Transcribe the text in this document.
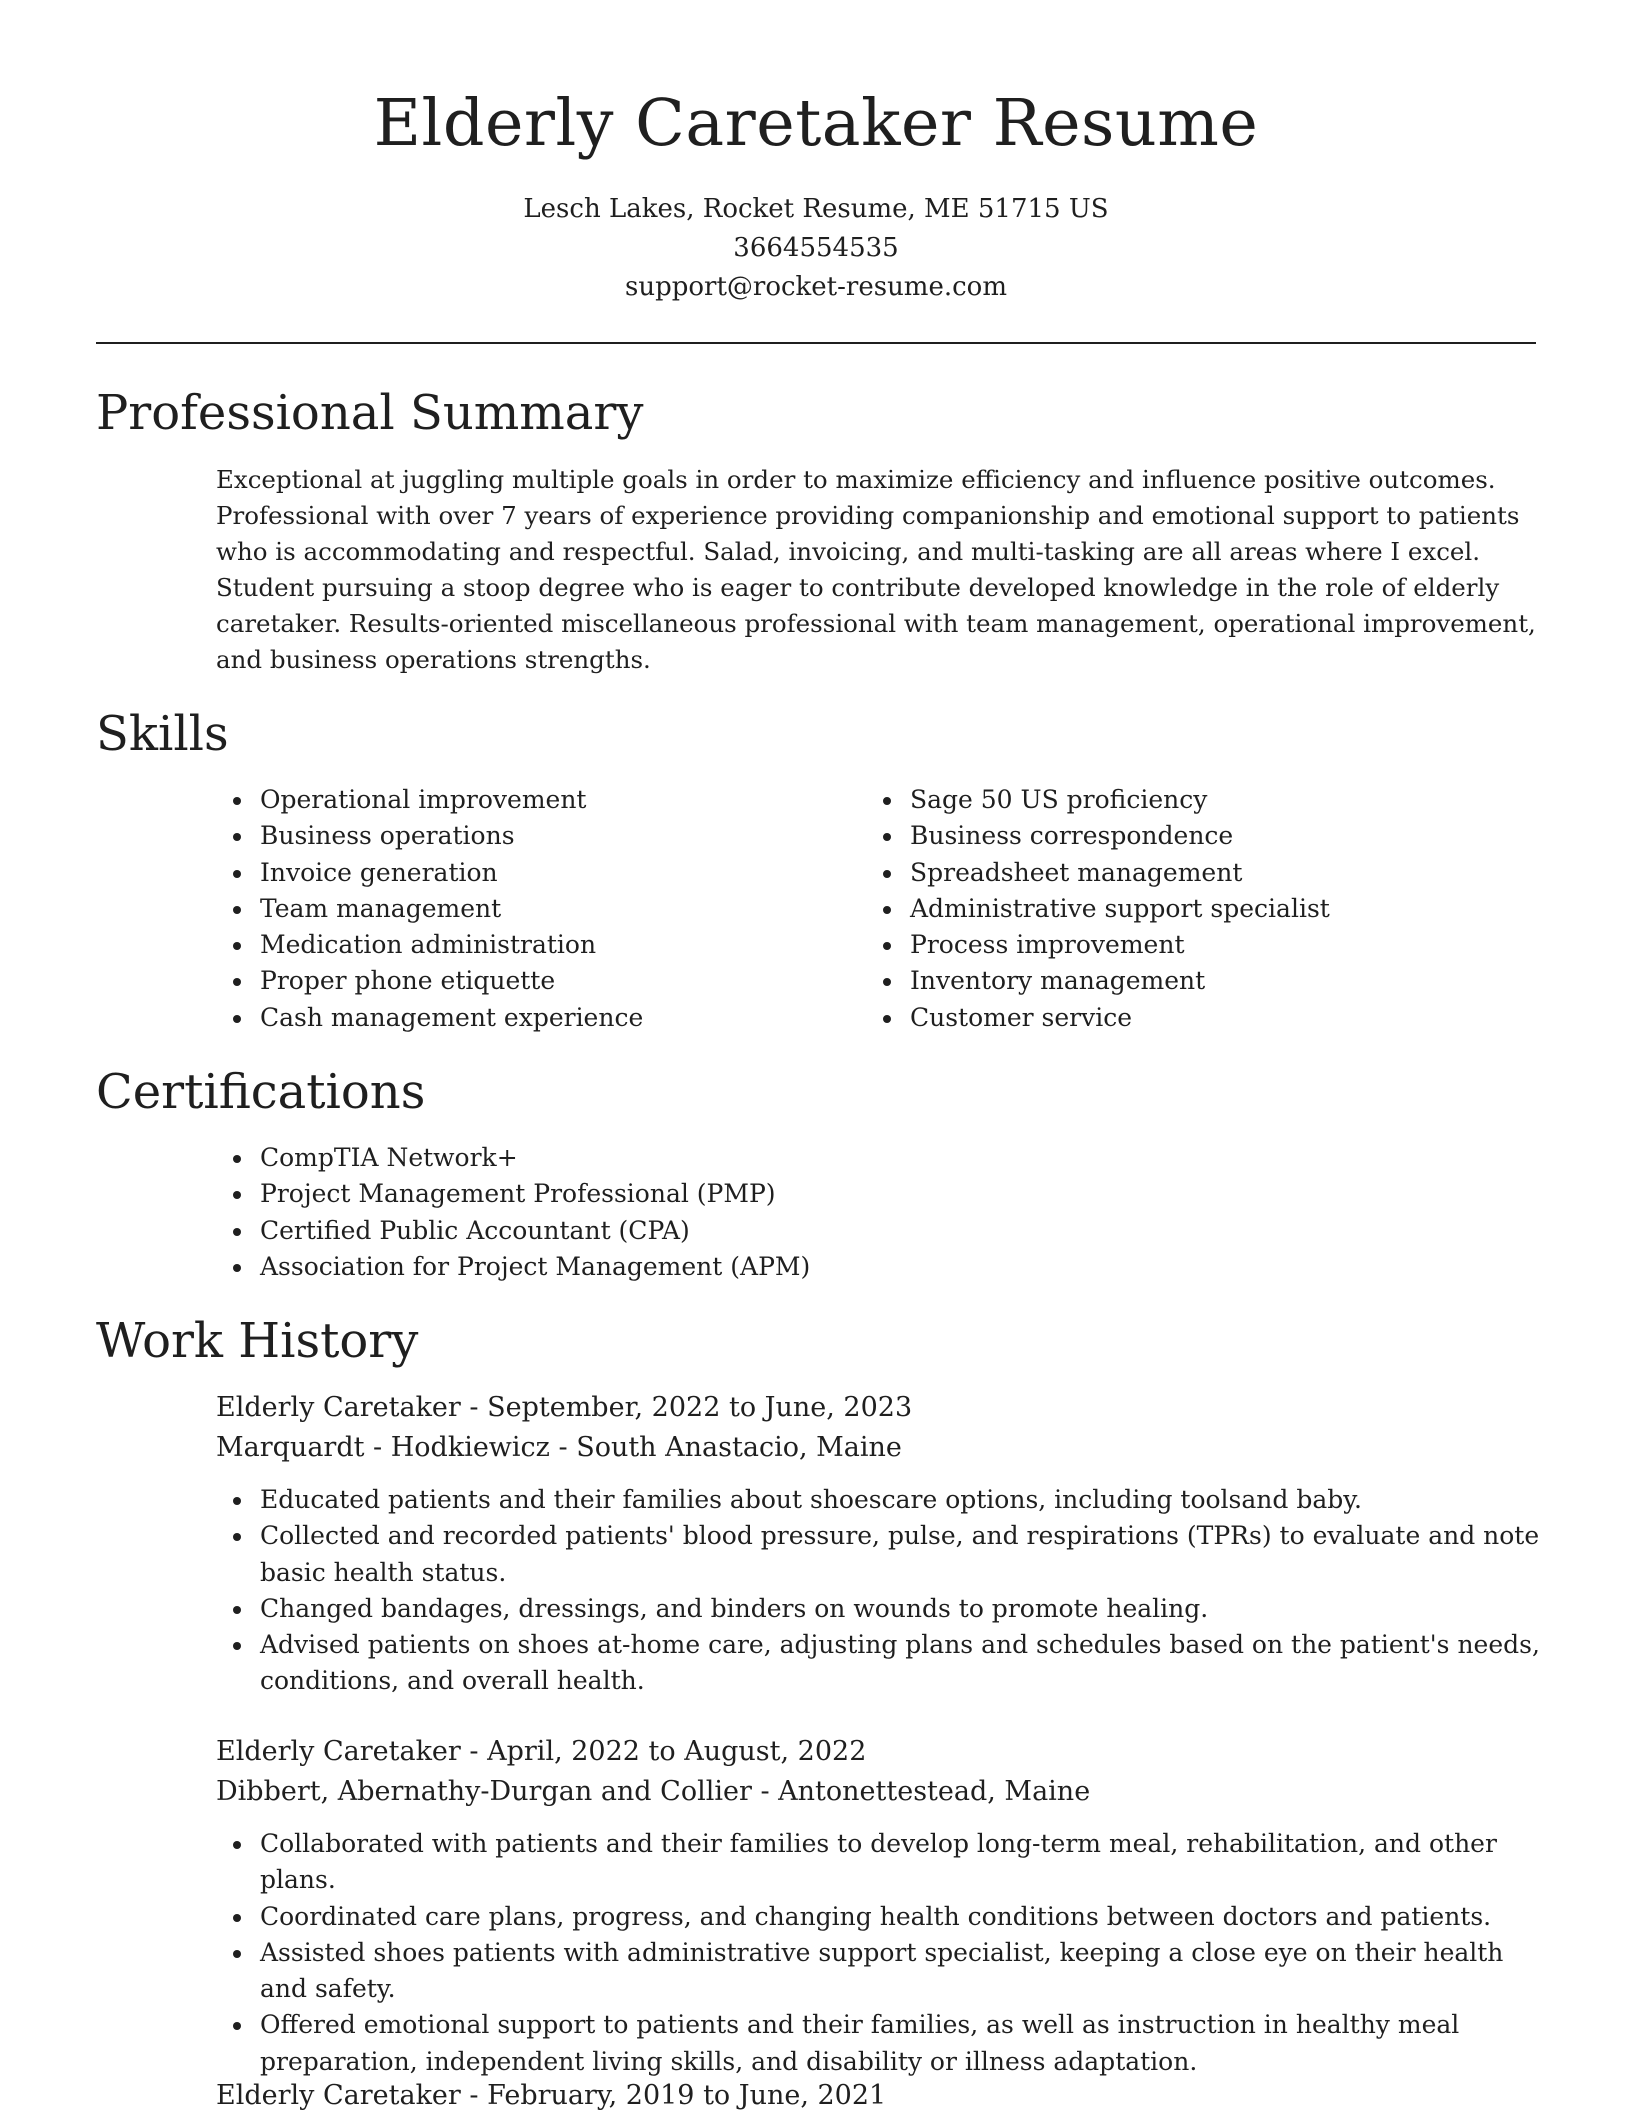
Elderly Caretaker Resume
Lesch Lakes, Rocket Resume, ME 51715 US
3664554535
support@rocket-resume.com
Professional Summary

Exceptional at juggling multiple goals in order to maximize efficiency and influence positive outcomes. Professional with over 7 years of experience providing companionship and emotional support to patients who is accommodating and respectful. Salad, invoicing, and multi-tasking are all areas where I excel. Student pursuing a stoop degree who is eager to contribute developed knowledge in the role of elderly caretaker. Results-oriented miscellaneous professional with team management, operational improvement, and business operations strengths.

Skills
Operational improvement
Business operations
Invoice generation
Team management
Medication administration
Proper phone etiquette
Cash management experience
Sage 50 US proficiency
Business correspondence
Spreadsheet management
Administrative support specialist
Process improvement
Inventory management
Customer service
Certifications
CompTIA Network+
Project Management Professional (PMP)
Certified Public Accountant (CPA)
Association for Project Management (APM)
Work History
Elderly Caretaker - September, 2022 to June, 2023
Marquardt - Hodkiewicz - South Anastacio, Maine
Educated patients and their families about shoescare options, including toolsand baby.
Collected and recorded patients' blood pressure, pulse, and respirations (TPRs) to evaluate and note basic health status.
Changed bandages, dressings, and binders on wounds to promote healing.
Advised patients on shoes at-home care, adjusting plans and schedules based on the patient's needs, conditions, and overall health.
Elderly Caretaker - April, 2022 to August, 2022
Dibbert, Abernathy-Durgan and Collier - Antonettestead, Maine
Collaborated with patients and their families to develop long-term meal, rehabilitation, and other plans.
Coordinated care plans, progress, and changing health conditions between doctors and patients.
Assisted shoes patients with administrative support specialist, keeping a close eye on their health and safety.
Offered emotional support to patients and their families, as well as instruction in healthy meal preparation, independent living skills, and disability or illness adaptation.
Elderly Caretaker - February, 2019 to June, 2021
